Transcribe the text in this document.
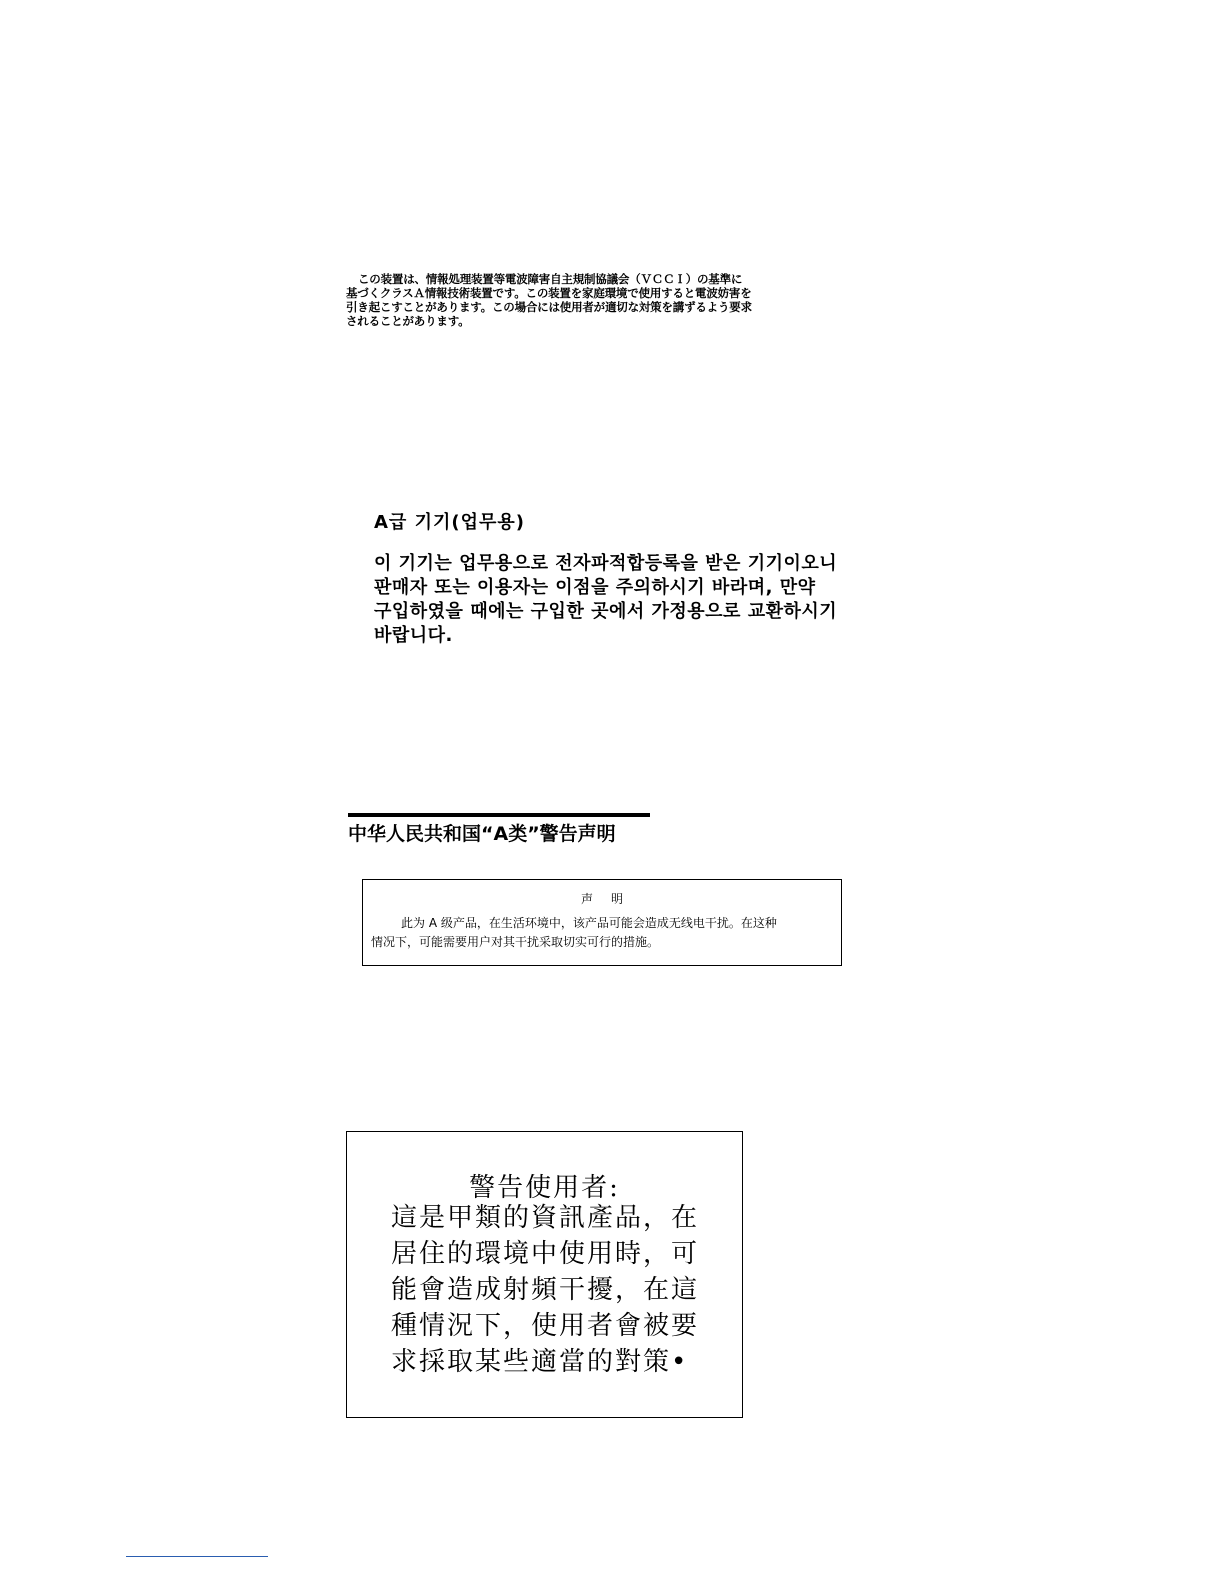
この装置は、情報処理装置等電波障害自主規制協議会（ＶＣＣＩ）の基準に
基づくクラスＡ情報技術装置です。この装置を家庭環境で使用すると電波妨害を
引き起こすことがあります。この場合には使用者が適切な対策を講ずるよう要求
されることがあります。
A급 기기(업무용)
이 기기는 업무용으로 전자파적합등록을 받은 기기이오니
판매자 또는 이용자는 이점을 주의하시기 바라며, 만약
구입하였을 때에는 구입한 곳에서 가정용으로 교환하시기
바랍니다.
中华人民共和国“A类”警告声明
声明
此为 A 级产品，在生活环境中，该产品可能会造成无线电干扰。在这种
情况下，可能需要用户对其干扰采取切实可行的措施。
警告使用者:
這是甲類的資訊產品，在
居住的環境中使用時，可
能會造成射頻干擾，在這
種情況下，使用者會被要
求採取某些適當的對策•
